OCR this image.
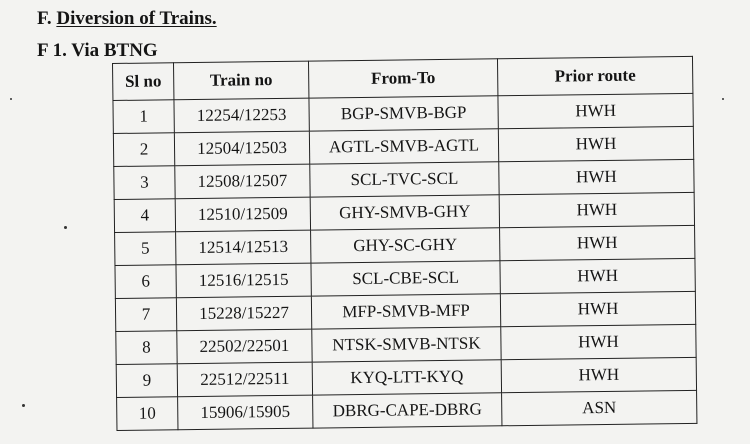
F. Diversion of Trains.
F 1. Via BTNG
Sl no	Train no	From-To	Prior route
1	12254/12253	BGP-SMVB-BGP	HWH
2	12504/12503	AGTL-SMVB-AGTL	HWH
3	12508/12507	SCL-TVC-SCL	HWH
4	12510/12509	GHY-SMVB-GHY	HWH
5	12514/12513	GHY-SC-GHY	HWH
6	12516/12515	SCL-CBE-SCL	HWH
7	15228/15227	MFP-SMVB-MFP	HWH
8	22502/22501	NTSK-SMVB-NTSK	HWH
9	22512/22511	KYQ-LTT-KYQ	HWH
10	15906/15905	DBRG-CAPE-DBRG	ASN
